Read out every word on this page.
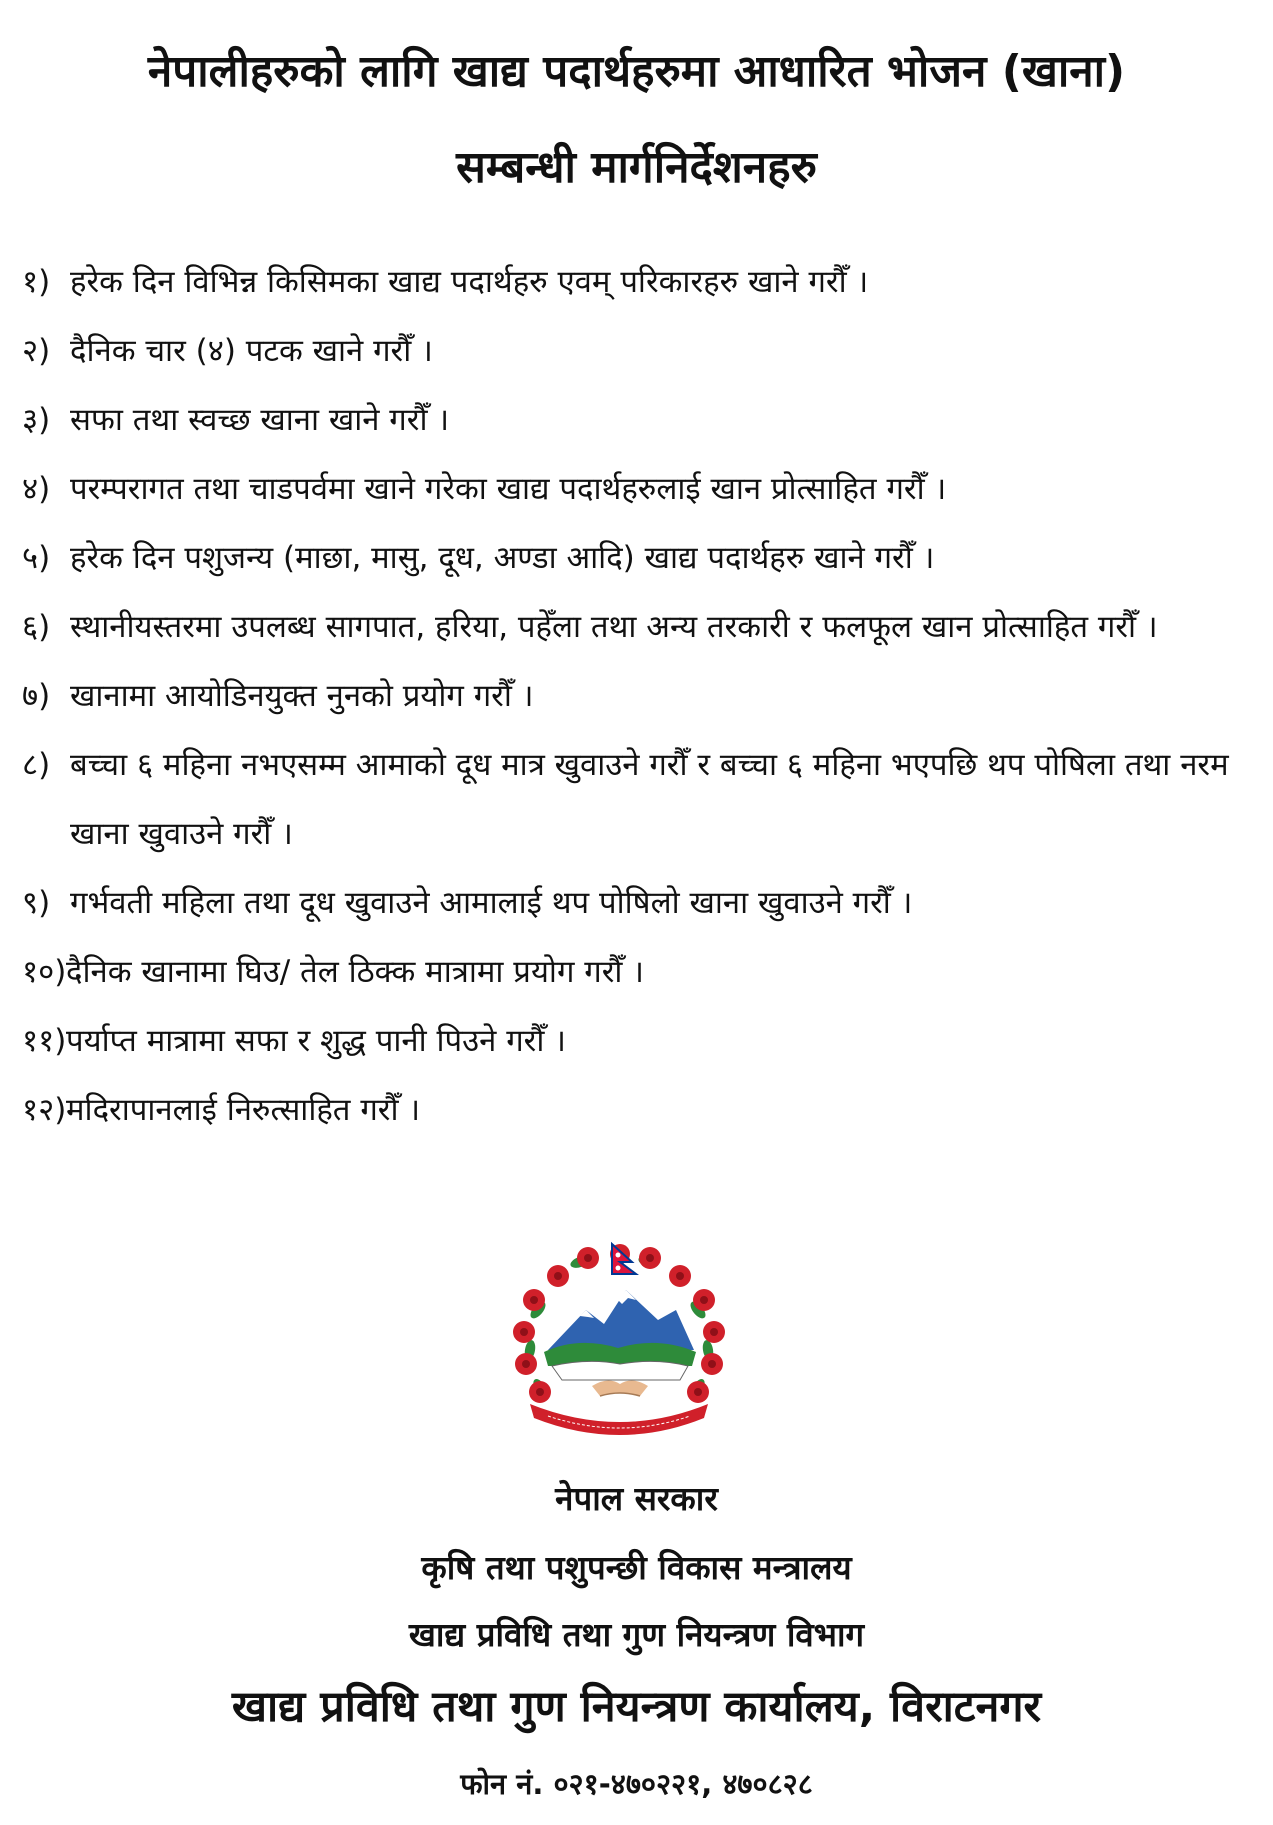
नेपालीहरुको लागि खाद्य पदार्थहरुमा आधारित भोजन (खाना)
सम्बन्धी मार्गनिर्देशनहरु
१) हरेक दिन विभिन्न किसिमका खाद्य पदार्थहरु एवम् परिकारहरु खाने गरौँ ।
२) दैनिक चार (४) पटक खाने गरौँ ।
३) सफा तथा स्वच्छ खाना खाने गरौँ ।
४) परम्परागत तथा चाडपर्वमा खाने गरेका खाद्य पदार्थहरुलाई खान प्रोत्साहित गरौँ ।
५) हरेक दिन पशुजन्य (माछा, मासु, दूध, अण्डा आदि) खाद्य पदार्थहरु खाने गरौँ ।
६) स्थानीयस्तरमा उपलब्ध सागपात, हरिया, पहेँला तथा अन्य तरकारी र फलफूल खान प्रोत्साहित गरौँ ।
७) खानामा आयोडिनयुक्त नुनको प्रयोग गरौँ ।
८) बच्चा ६ महिना नभएसम्म आमाको दूध मात्र खुवाउने गरौँ र बच्चा ६ महिना भएपछि थप पोषिला तथा नरम खाना खुवाउने गरौँ ।
९) गर्भवती महिला तथा दूध खुवाउने आमालाई थप पोषिलो खाना खुवाउने गरौँ ।
१०) दैनिक खानामा घिउ/ तेल ठिक्क मात्रामा प्रयोग गरौँ ।
११) पर्याप्त मात्रामा सफा र शुद्ध पानी पिउने गरौँ ।
१२) मदिरापानलाई निरुत्साहित गरौँ ।

नेपाल सरकार

कृषि तथा पशुपन्छी विकास मन्त्रालय

खाद्य प्रविधि तथा गुण नियन्त्रण विभाग

खाद्य प्रविधि तथा गुण नियन्त्रण कार्यालय, विराटनगर

फोन नं. ०२१-४७०२२१, ४७०८२८
